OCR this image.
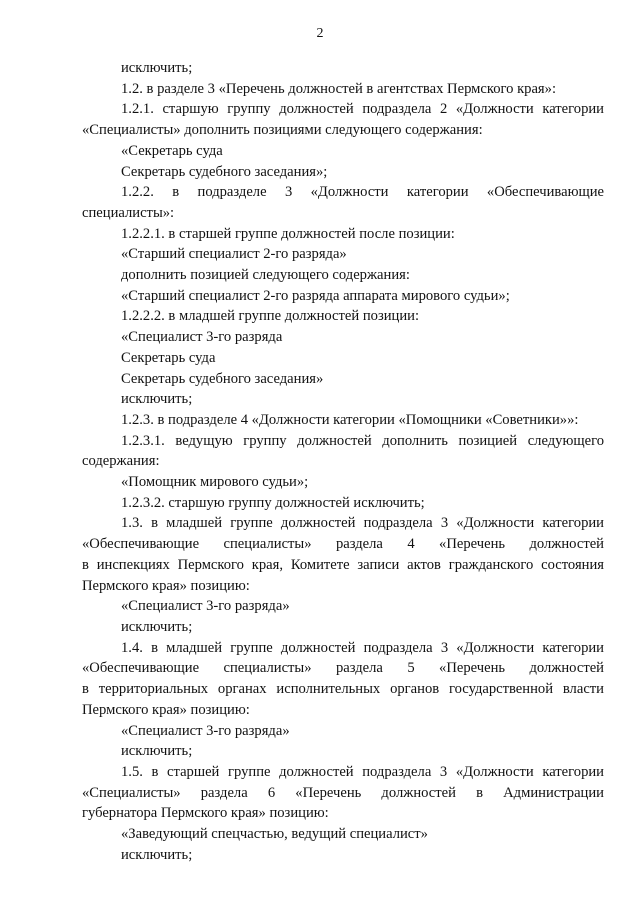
2
исключить;
1.2. в разделе 3 «Перечень должностей в агентствах Пермского края»:
1.2.1. старшую группу должностей подраздела 2 «Должности категории
«Специалисты» дополнить позициями следующего содержания:
«Секретарь суда
Секретарь судебного заседания»;
1.2.2. в подразделе 3 «Должности категории «Обеспечивающие
специалисты»:
1.2.2.1. в старшей группе должностей после позиции:
«Старший специалист 2-го разряда»
дополнить позицией следующего содержания:
«Старший специалист 2-го разряда аппарата мирового судьи»;
1.2.2.2. в младшей группе должностей позиции:
«Специалист 3-го разряда
Секретарь суда
Секретарь судебного заседания»
исключить;
1.2.3. в подразделе 4 «Должности категории «Помощники «Советники»»:
1.2.3.1. ведущую группу должностей дополнить позицией следующего
содержания:
«Помощник мирового судьи»;
1.2.3.2. старшую группу должностей исключить;
1.3. в младшей группе должностей подраздела 3 «Должности категории
«Обеспечивающие специалисты» раздела 4 «Перечень должностей
в инспекциях Пермского края, Комитете записи актов гражданского состояния
Пермского края» позицию:
«Специалист 3-го разряда»
исключить;
1.4. в младшей группе должностей подраздела 3 «Должности категории
«Обеспечивающие специалисты» раздела 5 «Перечень должностей
в территориальных органах исполнительных органов государственной власти
Пермского края» позицию:
«Специалист 3-го разряда»
исключить;
1.5. в старшей группе должностей подраздела 3 «Должности категории
«Специалисты» раздела 6 «Перечень должностей в Администрации
губернатора Пермского края» позицию:
«Заведующий спецчастью, ведущий специалист»
исключить;
